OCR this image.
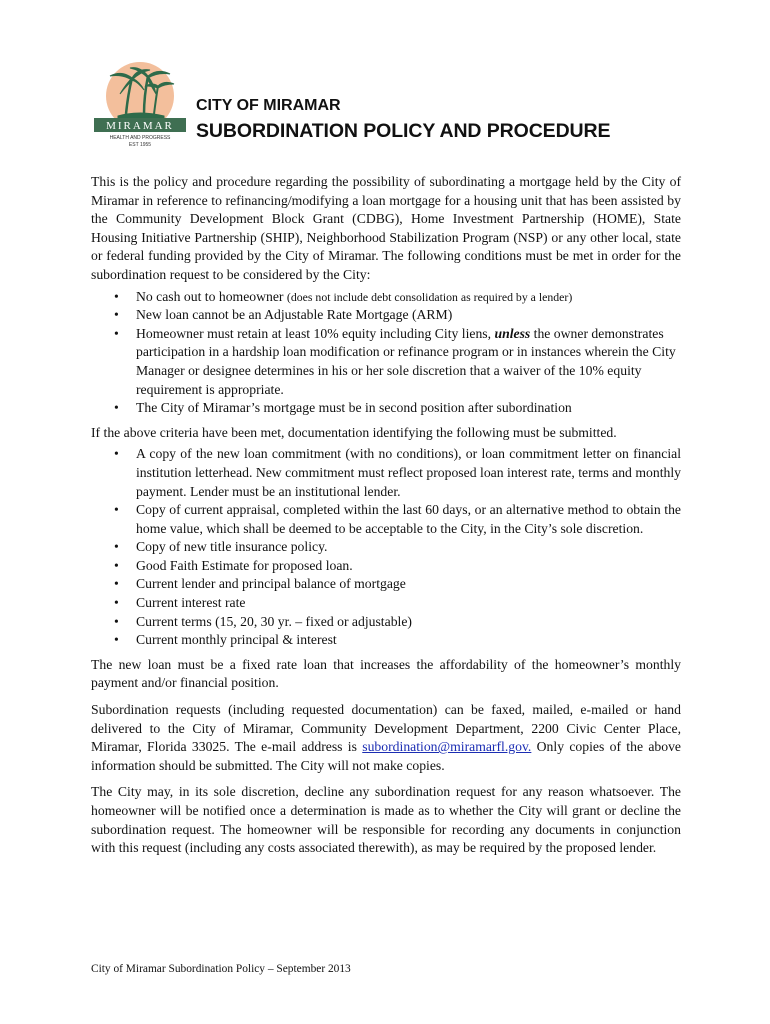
MIRAMAR
HEALTH AND PROGRESS
EST 1955
CITY OF MIRAMAR
SUBORDINATION POLICY AND PROCEDURE

This is the policy and procedure regarding the possibility of subordinating a mortgage held by the City of Miramar in reference to refinancing/modifying a loan mortgage for a housing unit that has been assisted by the Community Development Block Grant (CDBG), Home Investment Partnership (HOME), State Housing Initiative Partnership (SHIP), Neighborhood Stabilization Program (NSP) or any other local, state or federal funding provided by the City of Miramar. The following conditions must be met in order for the subordination request to be considered by the City:

• No cash out to homeowner (does not include debt consolidation as required by a lender)
• New loan cannot be an Adjustable Rate Mortgage (ARM)
• Homeowner must retain at least 10% equity including City liens, unless the owner demonstrates participation in a hardship loan modification or refinance program or in instances wherein the City Manager or designee determines in his or her sole discretion that a waiver of the 10% equity requirement is appropriate.
• The City of Miramar’s mortgage must be in second position after subordination

If the above criteria have been met, documentation identifying the following must be submitted.

• A copy of the new loan commitment (with no conditions), or loan commitment letter on financial institution letterhead. New commitment must reflect proposed loan interest rate, terms and monthly payment. Lender must be an institutional lender.
• Copy of current appraisal, completed within the last 60 days, or an alternative method to obtain the home value, which shall be deemed to be acceptable to the City, in the City’s sole discretion.
• Copy of new title insurance policy.
• Good Faith Estimate for proposed loan.
• Current lender and principal balance of mortgage
• Current interest rate
• Current terms (15, 20, 30 yr. – fixed or adjustable)
• Current monthly principal & interest

The new loan must be a fixed rate loan that increases the affordability of the homeowner’s monthly payment and/or financial position.

Subordination requests (including requested documentation) can be faxed, mailed, e-mailed or hand delivered to the City of Miramar, Community Development Department, 2200 Civic Center Place, Miramar, Florida 33025. The e-mail address is subordination@miramarfl.gov. Only copies of the above information should be submitted. The City will not make copies.

The City may, in its sole discretion, decline any subordination request for any reason whatsoever. The homeowner will be notified once a determination is made as to whether the City will grant or decline the subordination request. The homeowner will be responsible for recording any documents in conjunction with this request (including any costs associated therewith), as may be required by the proposed lender.

City of Miramar Subordination Policy – September 2013
